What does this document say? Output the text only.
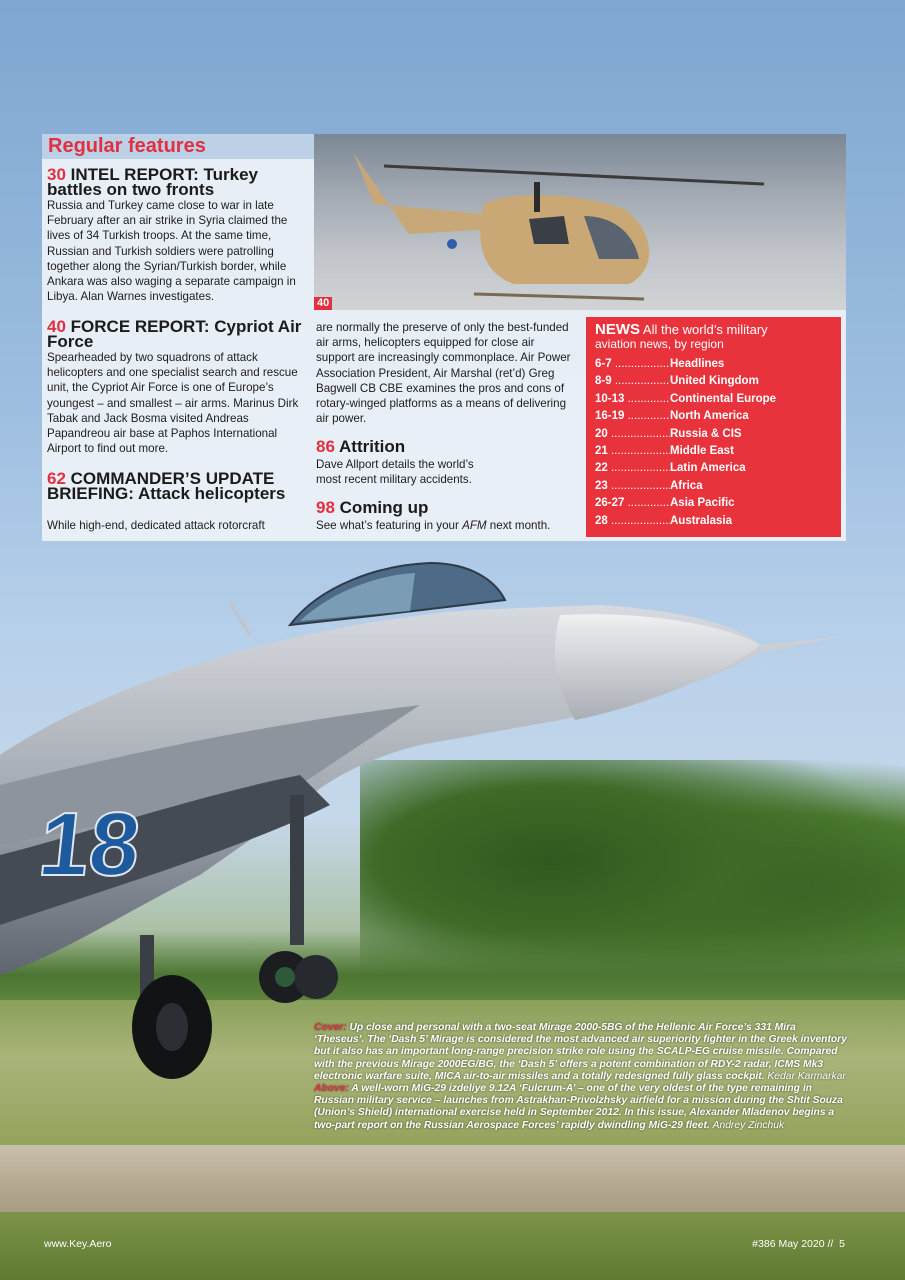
18
Regular features
40
30 INTEL REPORT: Turkey battles on two fronts
Russia and Turkey came close to war in late February after an air strike in Syria claimed the lives of 34 Turkish troops. At the same time, Russian and Turkish soldiers were patrolling together along the Syrian/Turkish border, while Ankara was also waging a separate campaign in Libya. Alan Warnes investigates.
40 FORCE REPORT: Cypriot Air Force
Spearheaded by two squadrons of attack helicopters and one specialist search and rescue unit, the Cypriot Air Force is one of Europe’s youngest – and smallest – air arms. Marinus Dirk Tabak and Jack Bosma visited Andreas Papandreou air base at Paphos International Airport to find out more.
62 COMMANDER’S UPDATE BRIEFING: Attack helicopters
While high-end, dedicated attack rotorcraft
are normally the preserve of only the best-funded air arms, helicopters equipped for close air support are increasingly commonplace. Air Power Association President, Air Marshal (ret’d) Greg Bagwell CB CBE examines the pros and cons of rotary-winged platforms as a means of delivering air power.
86 Attrition
Dave Allport details the world’s most recent military accidents.
98 Coming up
See what’s featuring in your AFM next month.
NEWS All the world’s military
aviation news, by region
6-7 .....	Headlines
8-9 .....	United Kingdom
10-13 .....	Continental Europe
16-19 .....	North America
20 .....	Russia & CIS
21 .....	Middle East
22 .....	Latin America
23 .....	Africa
26-27 .....	Asia Pacific
28 .....	Australasia
Cover: Up close and personal with a two-seat Mirage 2000-5BG of the Hellenic Air Force’s 331 Mira ‘Theseus’. The ‘Dash 5’ Mirage is considered the most advanced air superiority fighter in the Greek inventory but it also has an important long-range precision strike role using the SCALP-EG cruise missile. Compared with the previous Mirage 2000EG/BG, the ‘Dash 5’ offers a potent combination of RDY-2 radar, ICMS Mk3 electronic warfare suite, MICA air-to-air missiles and a totally redesigned fully glass cockpit. Kedar Karmarkar Above: A well-worn MiG-29 izdeliye 9.12A ‘Fulcrum-A’ – one of the very oldest of the type remaining in Russian military service – launches from Astrakhan-Privolzhsky airfield for a mission during the Shtit Souza (Union’s Shield) international exercise held in September 2012. In this issue, Alexander Mladenov begins a two-part report on the Russian Aerospace Forces’ rapidly dwindling MiG-29 fleet. Andrey Zinchuk
www.Key.Aero	#386 May 2020 // 5
